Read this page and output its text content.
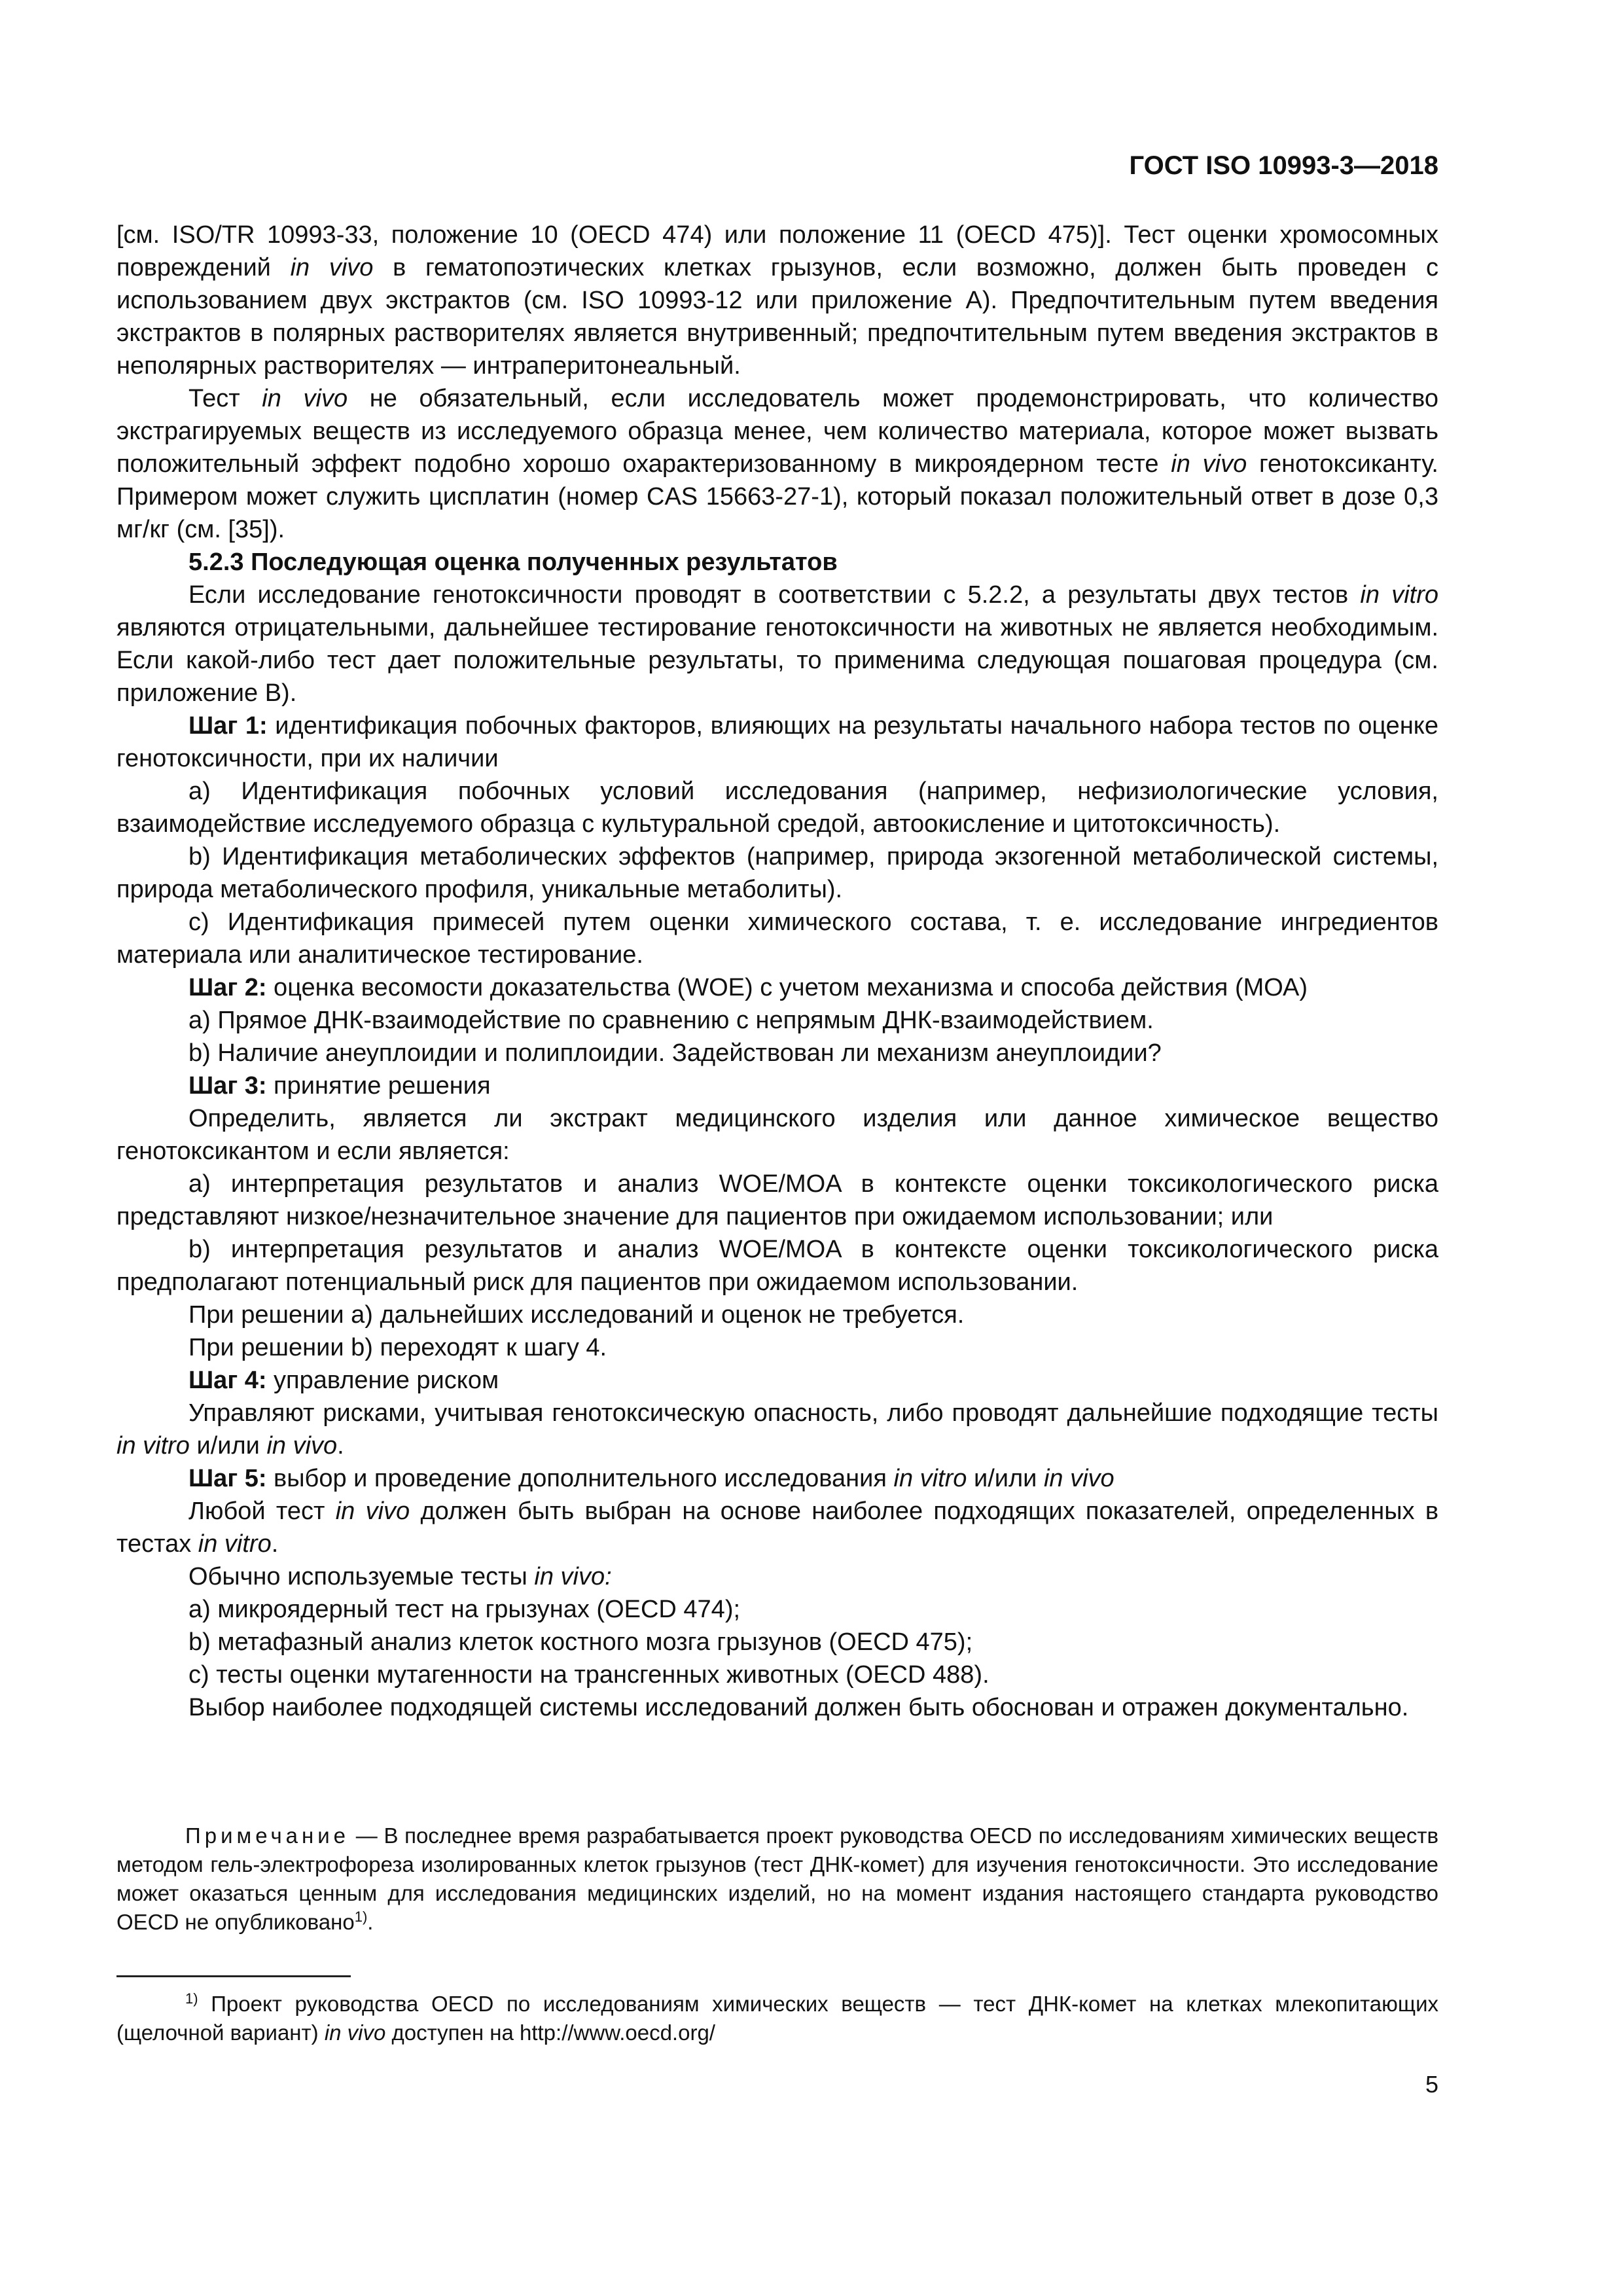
ГОСТ ISO 10993-3—2018

[см. ISO/TR 10993-33, положение 10 (OECD 474) или положение 11 (OECD 475)]. Тест оценки хромосомных повреждений in vivo в гематопоэтических клетках грызунов, если возможно, должен быть проведен с использованием двух экстрактов (см. ISO 10993-12 или приложение А). Предпочтительным путем введения экстрактов в полярных растворителях является внутривенный; предпочтительным путем введения экстрактов в неполярных растворителях — интраперитонеальный.

Тест in vivo не обязательный, если исследователь может продемонстрировать, что количество экстрагируемых веществ из исследуемого образца менее, чем количество материала, которое может вызвать положительный эффект подобно хорошо охарактеризованному в микроядерном тесте in vivo генотоксиканту. Примером может служить цисплатин (номер CAS 15663-27-1), который показал положительный ответ в дозе 0,3 мг/кг (см. [35]).

5.2.3 Последующая оценка полученных результатов

Если исследование генотоксичности проводят в соответствии с 5.2.2, а результаты двух тестов in vitro являются отрицательными, дальнейшее тестирование генотоксичности на животных не является необходимым. Если какой-либо тест дает положительные результаты, то применима следующая пошаговая процедура (см. приложение В).

Шаг 1: идентификация побочных факторов, влияющих на результаты начального набора тестов по оценке генотоксичности, при их наличии

a) Идентификация побочных условий исследования (например, нефизиологические условия, взаимодействие исследуемого образца с культуральной средой, автоокисление и цитотоксичность).

b) Идентификация метаболических эффектов (например, природа экзогенной метаболической системы, природа метаболического профиля, уникальные метаболиты).

c) Идентификация примесей путем оценки химического состава, т. е. исследование ингредиентов материала или аналитическое тестирование.

Шаг 2: оценка весомости доказательства (WOE) с учетом механизма и способа действия (МОА)

a) Прямое ДНК-взаимодействие по сравнению с непрямым ДНК-взаимодействием.

b) Наличие анеуплоидии и полиплоидии. Задействован ли механизм анеуплоидии?

Шаг 3: принятие решения

Определить, является ли экстракт медицинского изделия или данное химическое вещество генотоксикантом и если является:

а) интерпретация результатов и анализ WOE/MOA в контексте оценки токсикологического риска представляют низкое/незначительное значение для пациентов при ожидаемом использовании; или

b) интерпретация результатов и анализ WOE/MOA в контексте оценки токсикологического риска предполагают потенциальный риск для пациентов при ожидаемом использовании.

При решении а) дальнейших исследований и оценок не требуется.

При решении b) переходят к шагу 4.

Шаг 4: управление риском

Управляют рисками, учитывая генотоксическую опасность, либо проводят дальнейшие подходящие тесты in vitro и/или in vivo.

Шаг 5: выбор и проведение дополнительного исследования in vitro и/или in vivo

Любой тест in vivo должен быть выбран на основе наиболее подходящих показателей, определенных в тестах in vitro.

Обычно используемые тесты in vivo:

a) микроядерный тест на грызунах (OECD 474);

b) метафазный анализ клеток костного мозга грызунов (OECD 475);

c) тесты оценки мутагенности на трансгенных животных (OECD 488).

Выбор наиболее подходящей системы исследований должен быть обоснован и отражен документально.

Примечание — В последнее время разрабатывается проект руководства OECD по исследованиям химических веществ методом гель-электрофореза изолированных клеток грызунов (тест ДНК-комет) для изучения генотоксичности. Это исследование может оказаться ценным для исследования медицинских изделий, но на момент издания настоящего стандарта руководство OECD не опубликовано$^{1)}$.

$^{1)}$ Проект руководства OECD по исследованиям химических веществ — тест ДНК-комет на клетках млекопитающих (щелочной вариант) in vivo доступен на http://www.oecd.org/

5
